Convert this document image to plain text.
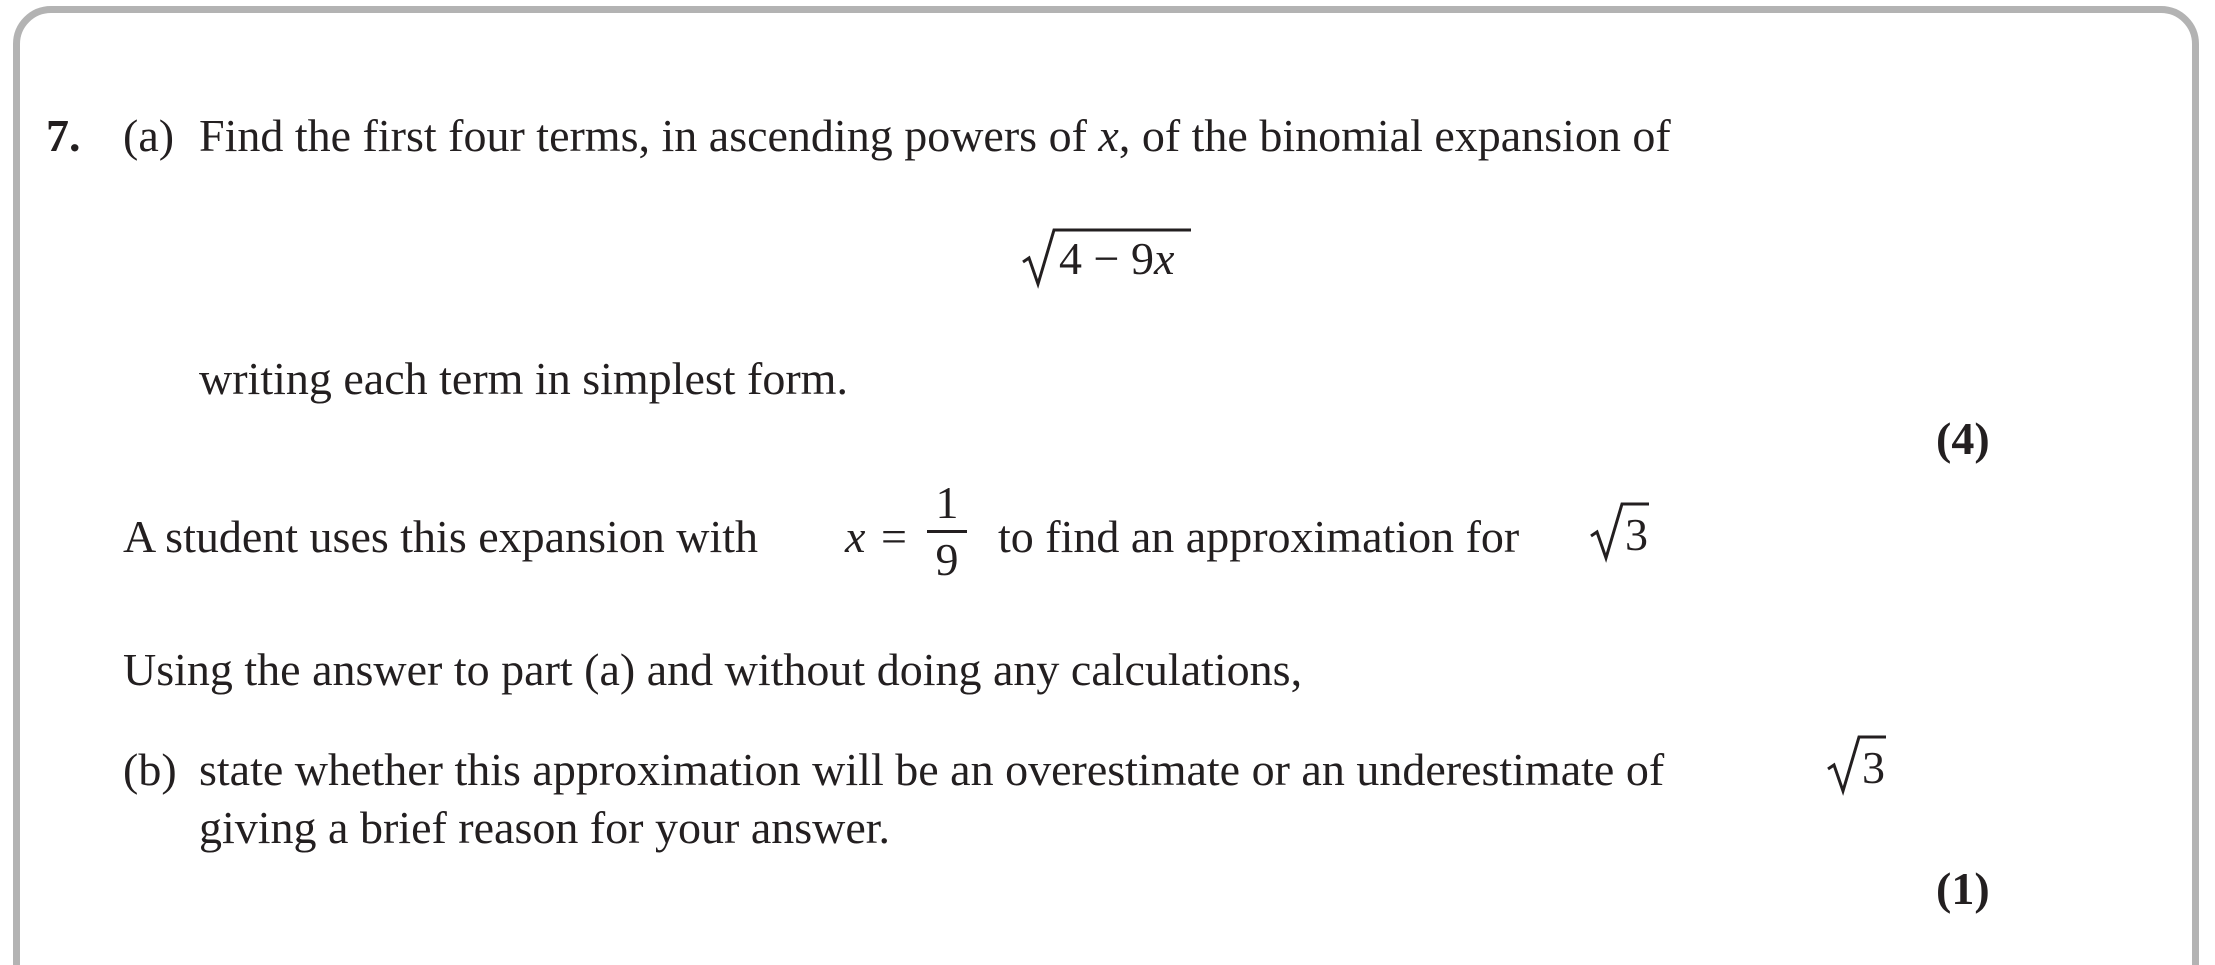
7. (a) Find the first four terms, in ascending powers of x, of the binomial expansion of
4 − 9x
writing each term in simplest form.
(4)
A student uses this expansion with x =
1
9 to find an approximation for 3
Using the answer to part (a) and without doing any calculations,
(b) state whether this approximation will be an overestimate or an underestimate of	3
giving a brief reason for your answer.
(1)
